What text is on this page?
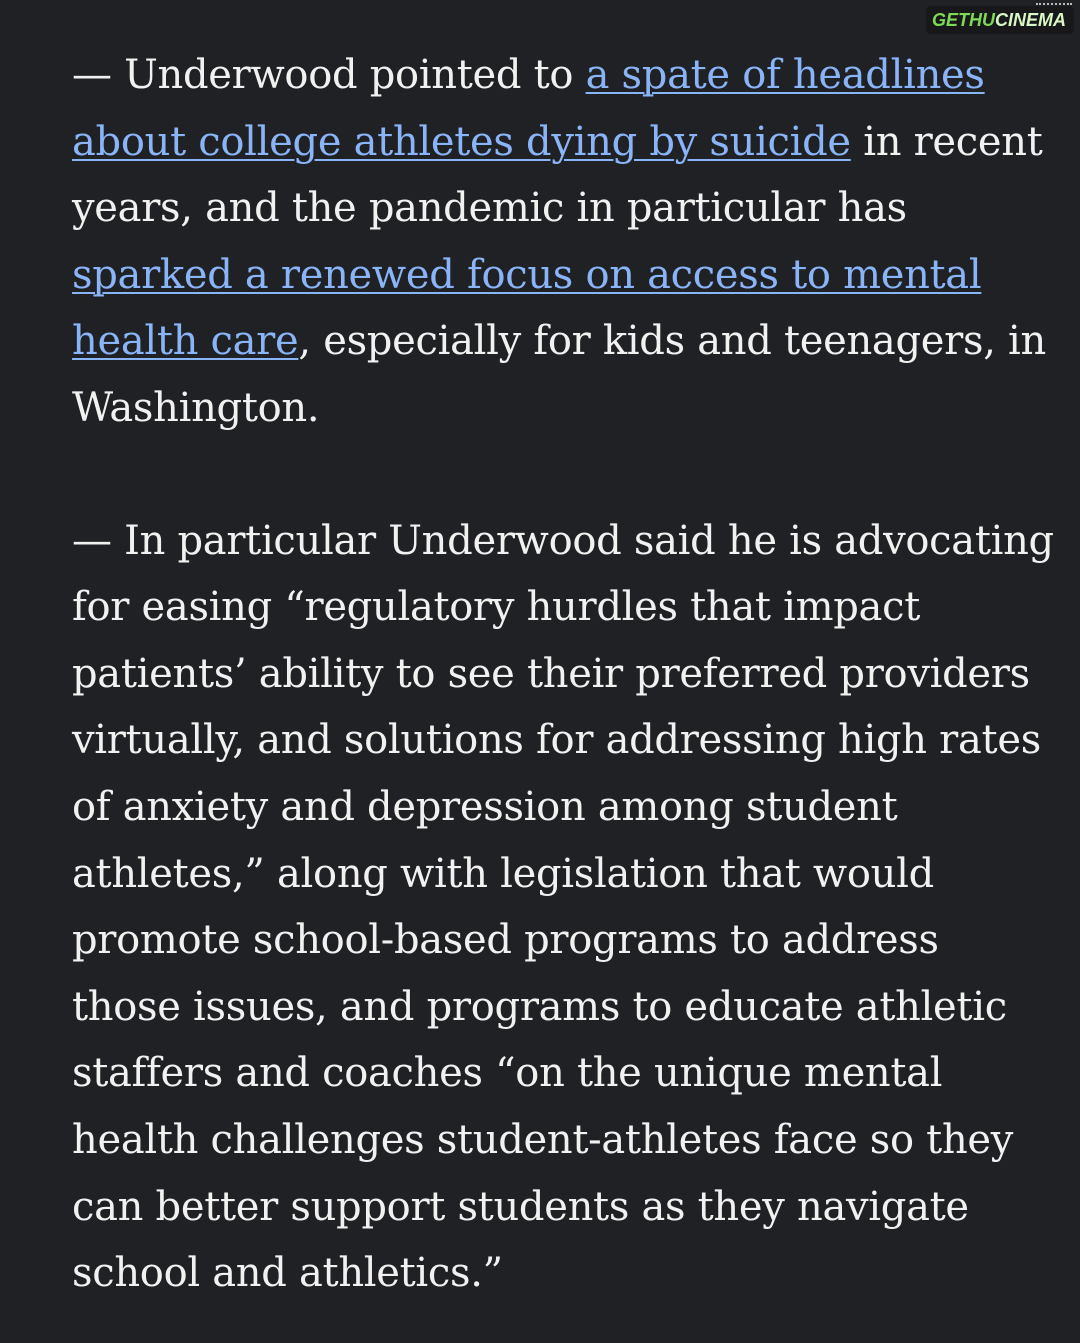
GETHU CINEMA

— Underwood pointed to a spate of headlines about college athletes dying by suicide in recent years, and the pandemic in particular has sparked a renewed focus on access to mental health care, especially for kids and teenagers, in Washington.

— In particular Underwood said he is advocating for easing “regulatory hurdles that impact patients’ ability to see their preferred providers virtually, and solutions for addressing high rates of anxiety and depression among student athletes,” along with legislation that would promote school-based programs to address those issues, and programs to educate athletic staffers and coaches “on the unique mental health challenges student-athletes face so they can better support students as they navigate school and athletics.”
